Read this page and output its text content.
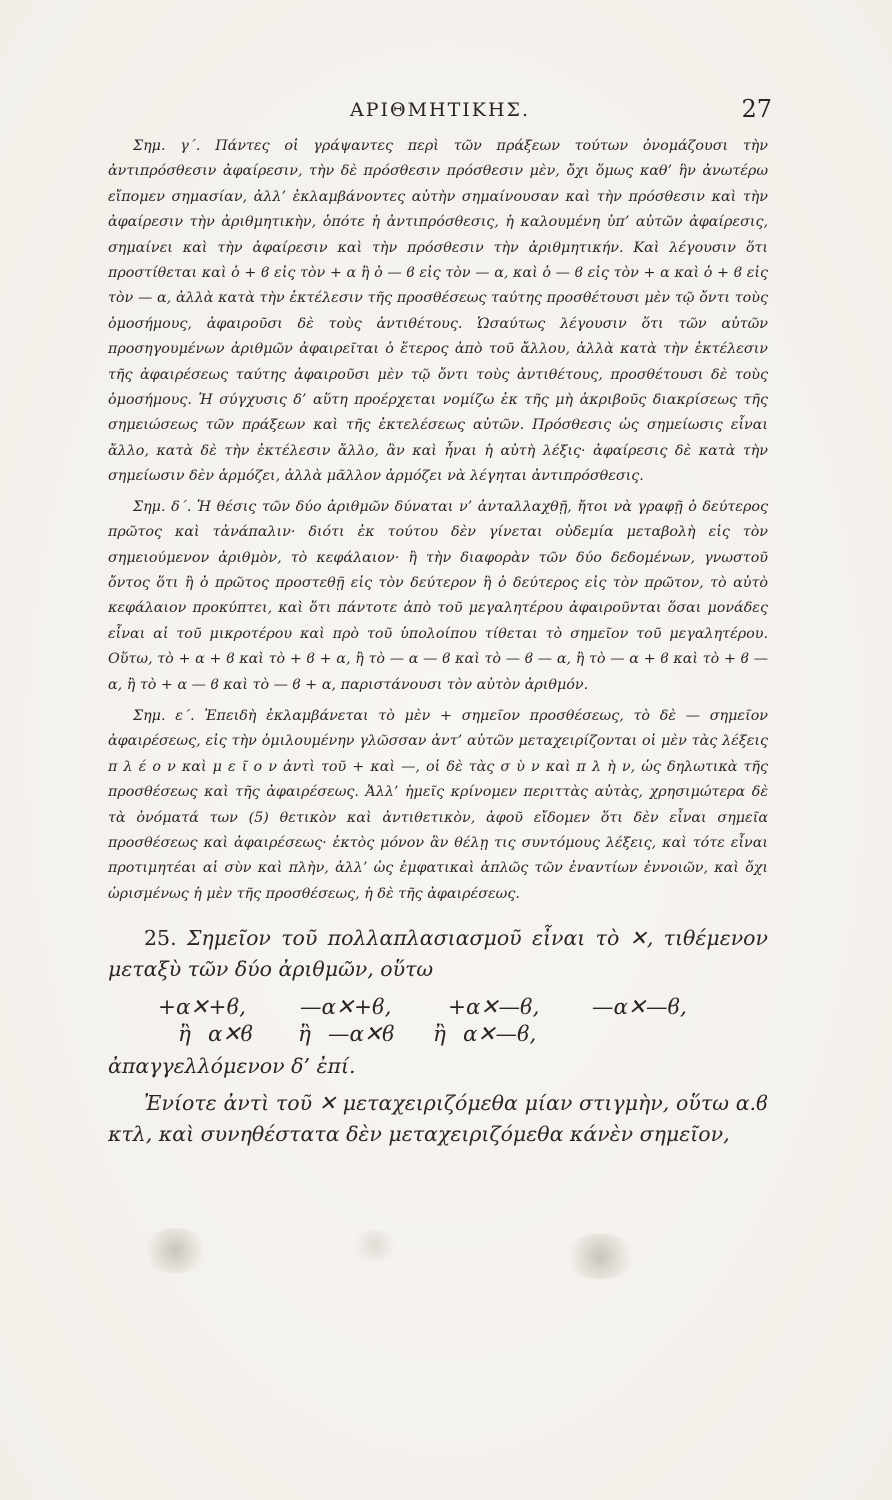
ΑΡΙΘΜΗΤΙΚΗΣ.	27

Σημ. γ΄. Πάντες οἱ γράψαντες περὶ τῶν πράξεων τούτων ὀνομάζουσι τὴν ἀντιπρόσθεσιν ἀφαίρεσιν, τὴν δὲ πρόσθεσιν πρόσθεσιν μὲν, ὄχι ὅμως καθ’ ἣν ἀνωτέρω εἴπομεν σημασίαν, ἀλλ’ ἐκλαμβάνοντες αὐτὴν σημαίνουσαν καὶ τὴν πρόσθεσιν καὶ τὴν ἀφαίρεσιν τὴν ἀριθμητικὴν, ὁπότε ἡ ἀντιπρόσθεσις, ἡ καλουμένη ὑπ’ αὐτῶν ἀφαίρεσις, σημαίνει καὶ τὴν ἀφαίρεσιν καὶ τὴν πρόσθεσιν τὴν ἀριθμητικήν. Καὶ λέγουσιν ὅτι προστίθεται καὶ ὁ + ϐ εἰς τὸν + α ἢ ὁ — ϐ εἰς τὸν — α, καὶ ὁ — ϐ εἰς τὸν + α καὶ ὁ + ϐ εἰς τὸν — α, ἀλλὰ κατὰ τὴν ἐκτέλεσιν τῆς προσθέσεως ταύτης προσθέτουσι μὲν τῷ ὄντι τοὺς ὁμοσήμους, ἀφαιροῦσι δὲ τοὺς ἀντιθέτους. Ὡσαύτως λέγουσιν ὅτι τῶν αὐτῶν προσηγουμένων ἀριθμῶν ἀφαιρεῖται ὁ ἕτερος ἀπὸ τοῦ ἄλλου, ἀλλὰ κατὰ τὴν ἐκτέλεσιν τῆς ἀφαιρέσεως ταύτης ἀφαιροῦσι μὲν τῷ ὄντι τοὺς ἀντιθέτους, προσθέτουσι δὲ τοὺς ὁμοσήμους. Ἡ σύγχυσις δ’ αὕτη προέρχεται νομίζω ἐκ τῆς μὴ ἀκριβοῦς διακρίσεως τῆς σημειώσεως τῶν πράξεων καὶ τῆς ἐκτελέσεως αὐτῶν. Πρόσθεσις ὡς σημείωσις εἶναι ἄλλο, κατὰ δὲ τὴν ἐκτέλεσιν ἄλλο, ἂν καὶ ἦναι ἡ αὐτὴ λέξις· ἀφαίρεσις δὲ κατὰ τὴν σημείωσιν δὲν ἁρμόζει, ἀλλὰ μᾶλλον ἁρμόζει νὰ λέγηται ἀντιπρόσθεσις.

Σημ. δ΄. Ἡ θέσις τῶν δύο ἀριθμῶν δύναται ν’ ἀνταλλαχθῇ, ἤτοι νὰ γραφῇ ὁ δεύτερος πρῶτος καὶ τἀνάπαλιν· διότι ἐκ τούτου δὲν γίνεται οὐδεμία μεταβολὴ εἰς τὸν σημειούμενον ἀριθμὸν, τὸ κεφάλαιον· ἢ τὴν διαφορὰν τῶν δύο δεδομένων, γνωστοῦ ὄντος ὅτι ἢ ὁ πρῶτος προστεθῇ εἰς τὸν δεύτερον ἢ ὁ δεύτερος εἰς τὸν πρῶτον, τὸ αὐτὸ κεφάλαιον προκύπτει, καὶ ὅτι πάντοτε ἀπὸ τοῦ μεγαλητέρου ἀφαιροῦνται ὅσαι μονάδες εἶναι αἱ τοῦ μικροτέρου καὶ πρὸ τοῦ ὑπολοίπου τίθεται τὸ σημεῖον τοῦ μεγαλητέρου. Οὕτω, τὸ + α + ϐ καὶ τὸ + ϐ + α, ἢ τὸ — α — ϐ καὶ τὸ — ϐ — α, ἢ τὸ — α + ϐ καὶ τὸ + ϐ — α, ἢ τὸ + α — ϐ καὶ τὸ — ϐ + α, παριστάνουσι τὸν αὐτὸν ἀριθμόν.

Σημ. ε΄. Ἐπειδὴ ἐκλαμβάνεται τὸ μὲν + σημεῖον προσθέσεως, τὸ δὲ — σημεῖον ἀφαιρέσεως, εἰς τὴν ὁμιλουμένην γλῶσσαν ἀντ’ αὐτῶν μεταχειρίζονται οἱ μὲν τὰς λέξεις π λ έ ο ν καὶ μ ε ῖ ο ν ἀντὶ τοῦ + καὶ —, οἱ δὲ τὰς σ ὺ ν καὶ π λ ὴ ν, ὡς δηλωτικὰ τῆς προσθέσεως καὶ τῆς ἀφαιρέσεως. Ἀλλ’ ἡμεῖς κρίνομεν περιττὰς αὐτὰς, χρησιμώτερα δὲ τὰ ὀνόματά των (5) θετικὸν καὶ ἀντιθετικὸν, ἀφοῦ εἴδομεν ὅτι δὲν εἶναι σημεῖα προσθέσεως καὶ ἀφαιρέσεως· ἐκτὸς μόνον ἂν θέλῃ τις συντόμους λέξεις, καὶ τότε εἶναι προτιμητέαι αἱ σὺν καὶ πλὴν, ἀλλ’ ὡς ἐμφατικαὶ ἁπλῶς τῶν ἐναντίων ἐννοιῶν, καὶ ὄχι ὡρισμένως ἡ μὲν τῆς προσθέσεως, ἡ δὲ τῆς ἀφαιρέσεως.

25. Σημεῖον τοῦ πολλαπλασιασμοῦ εἶναι τὸ ✕, τιθέμενον μεταξὺ τῶν δύο ἀριθμῶν, οὕτω

+α✕+ϐ,	—α✕+ϐ,	+α✕—ϐ,	—α✕—ϐ,
ἢ α✕ϐ	ἢ —α✕ϐ	ἢ α✕—ϐ,

ἀπαγγελλόμενον δ’ ἐπί.

Ἐνίοτε ἀντὶ τοῦ ✕ μεταχειριζόμεθα μίαν στιγμὴν, οὕτω α.ϐ κτλ, καὶ συνηθέστατα δὲν μεταχειριζόμεθα κάνὲν σημεῖον,
